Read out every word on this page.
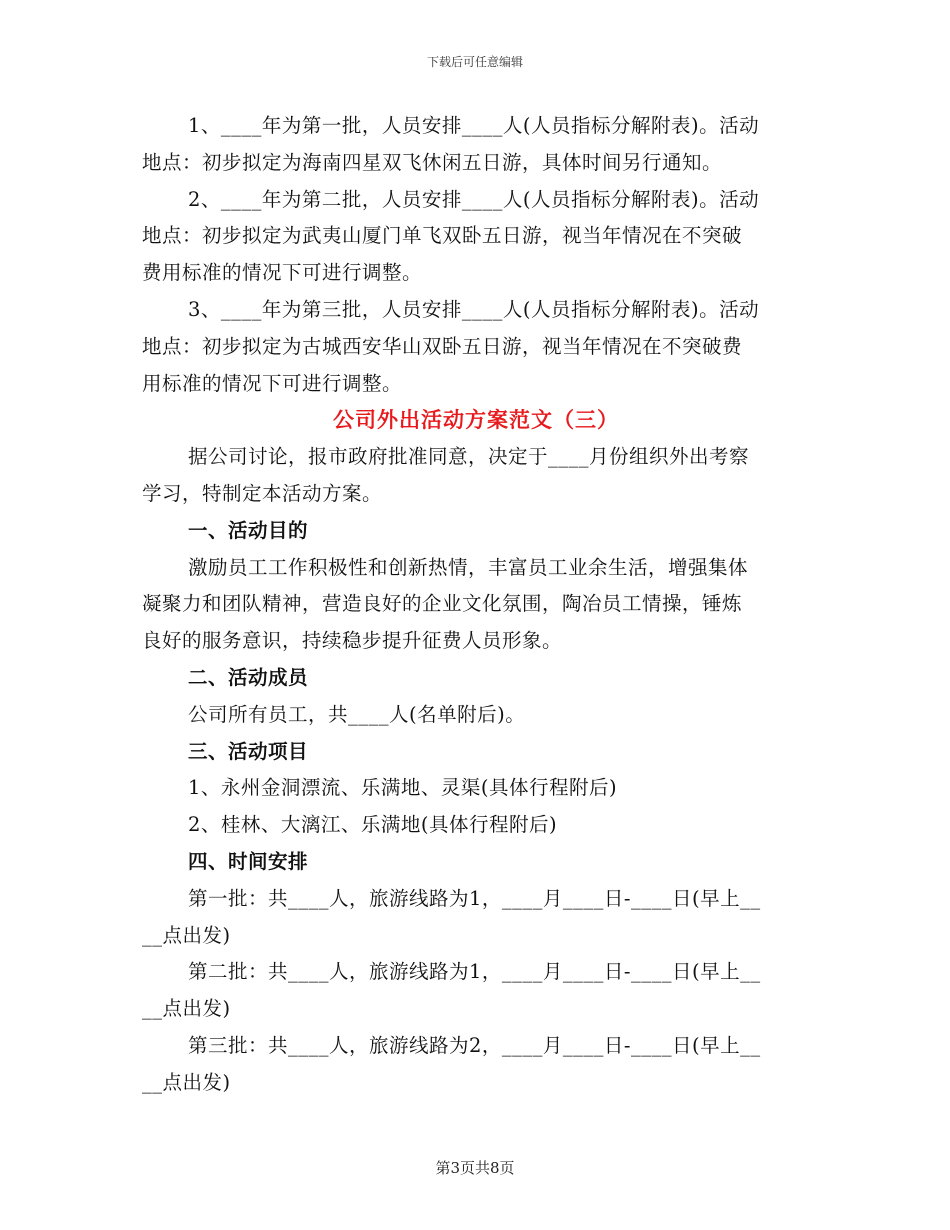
下载后可任意编辑

1、____年为第一批，人员安排____人(人员指标分解附表)。活动

地点：初步拟定为海南四星双飞休闲五日游，具体时间另行通知。

2、____年为第二批，人员安排____人(人员指标分解附表)。活动

地点：初步拟定为武夷山厦门单飞双卧五日游，视当年情况在不突破

费用标准的情况下可进行调整。

3、____年为第三批，人员安排____人(人员指标分解附表)。活动

地点：初步拟定为古城西安华山双卧五日游，视当年情况在不突破费

用标准的情况下可进行调整。

公司外出活动方案范文（三）

据公司讨论，报市政府批准同意，决定于____月份组织外出考察

学习，特制定本活动方案。

一、活动目的

激励员工工作积极性和创新热情，丰富员工业余生活，增强集体

凝聚力和团队精神，营造良好的企业文化氛围，陶冶员工情操，锤炼

良好的服务意识，持续稳步提升征费人员形象。

二、活动成员

公司所有员工，共____人(名单附后)。

三、活动项目

1、永州金洞漂流、乐满地、灵渠(具体行程附后)

2、桂林、大漓江、乐满地(具体行程附后)

四、时间安排

第一批：共____人，旅游线路为1，____月____日-____日(早上__

__点出发)

第二批：共____人，旅游线路为1，____月____日-____日(早上__

__点出发)

第三批：共____人，旅游线路为2，____月____日-____日(早上__

__点出发)

第3页共8页
